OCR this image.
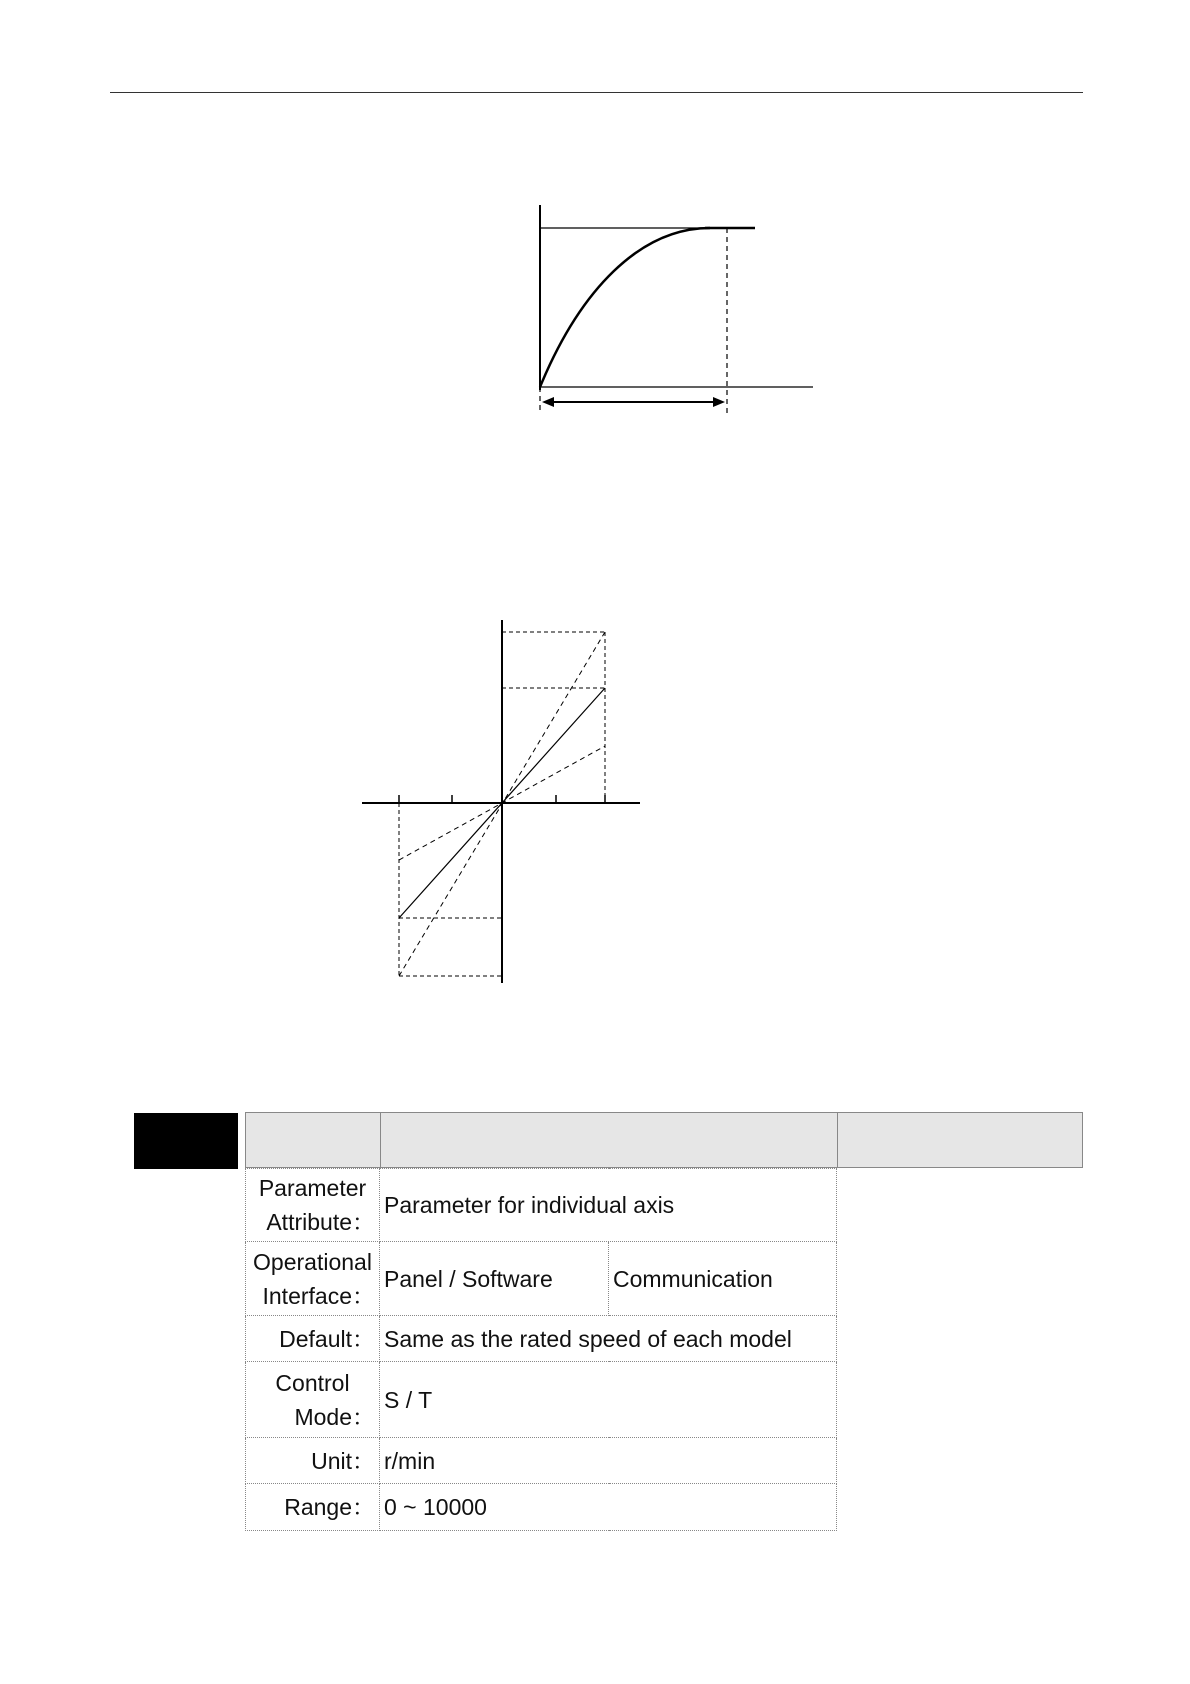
Parameter
Attribute：	Parameter for individual axis	

Operational
Interface：	Panel / Software	Communication

Default：	Same as the rated speed of each model	

Control
Mode：	S / T	

Unit：	r/min	

Range：	0 ~ 10000	
